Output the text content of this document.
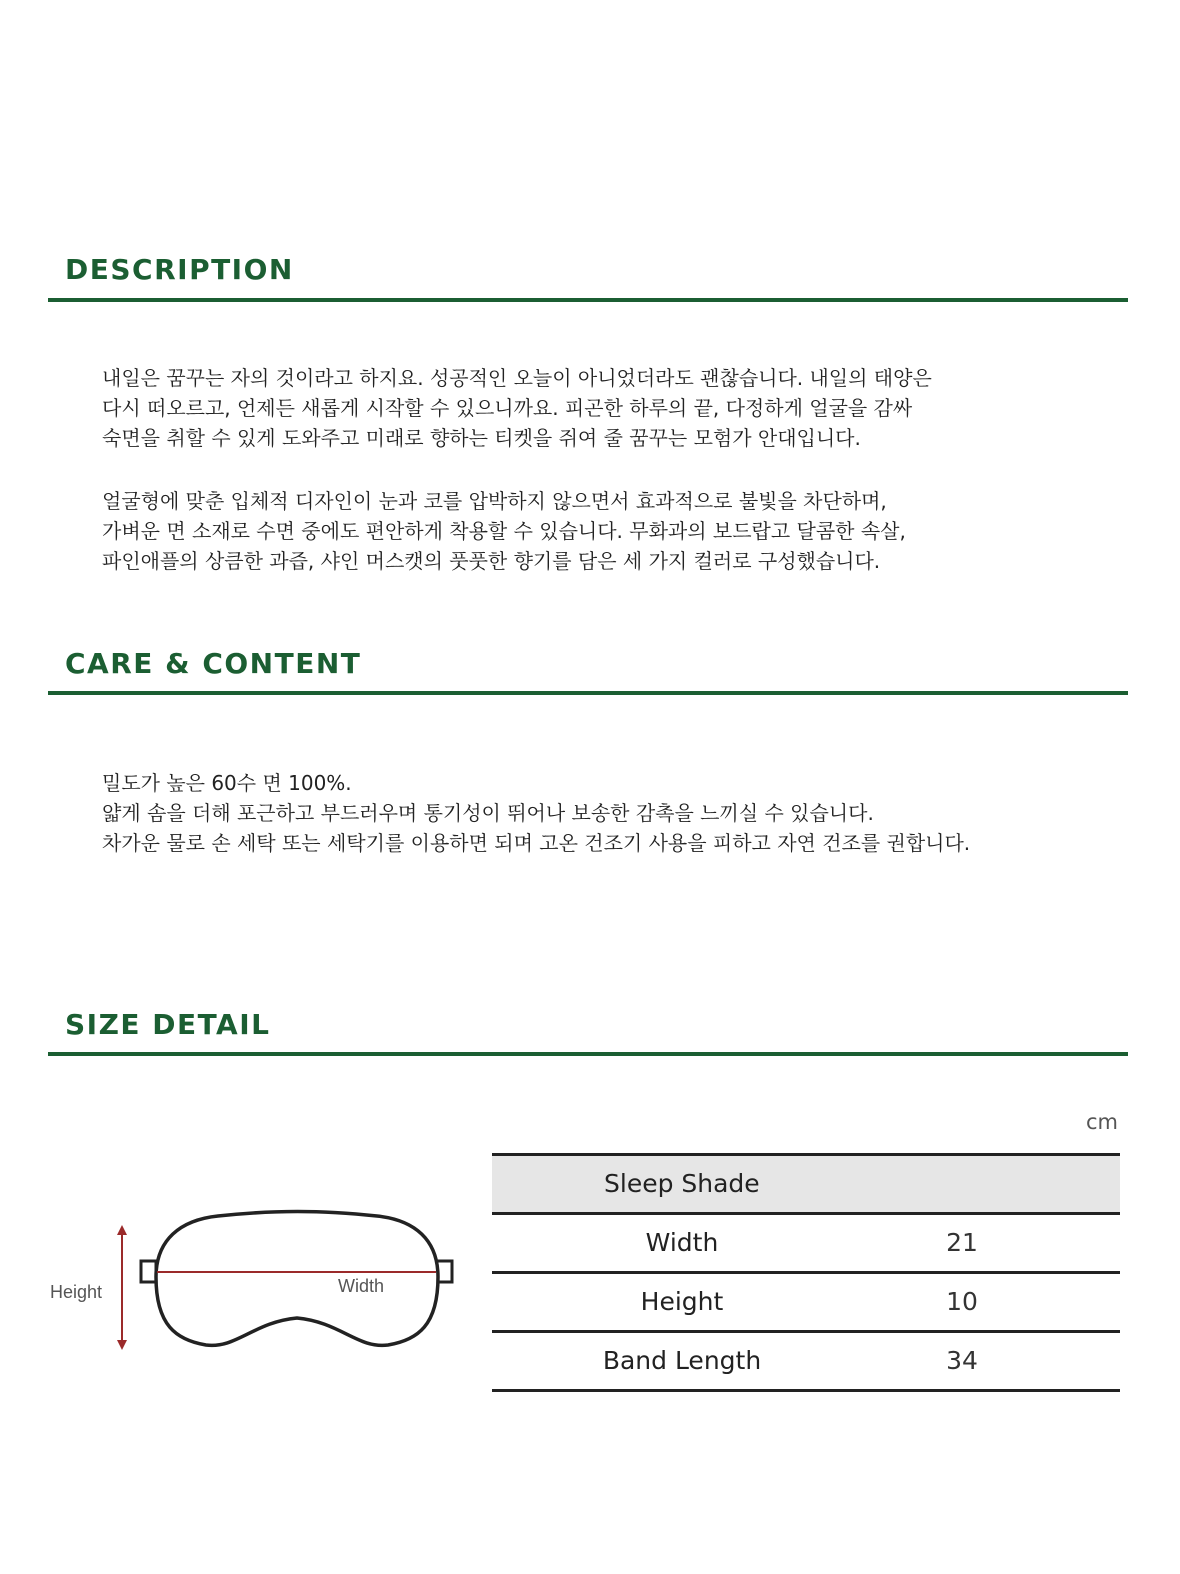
DESCRIPTION

내일은 꿈꾸는 자의 것이라고 하지요. 성공적인 오늘이 아니었더라도 괜찮습니다. 내일의 태양은
다시 떠오르고, 언제든 새롭게 시작할 수 있으니까요. 피곤한 하루의 끝, 다정하게 얼굴을 감싸
숙면을 취할 수 있게 도와주고 미래로 향하는 티켓을 쥐여 줄 꿈꾸는 모험가 안대입니다.

얼굴형에 맞춘 입체적 디자인이 눈과 코를 압박하지 않으면서 효과적으로 불빛을 차단하며,
가벼운 면 소재로 수면 중에도 편안하게 착용할 수 있습니다. 무화과의 보드랍고 달콤한 속살,
파인애플의 상큼한 과즙, 샤인 머스캣의 풋풋한 향기를 담은 세 가지 컬러로 구성했습니다.

CARE & CONTENT

밀도가 높은 60수 면 100%.
얇게 솜을 더해 포근하고 부드러우며 통기성이 뛰어나 보송한 감촉을 느끼실 수 있습니다.
차가운 물로 손 세탁 또는 세탁기를 이용하면 되며 고온 건조기 사용을 피하고 자연 건조를 권합니다.

SIZE DETAIL
Height	Width
cm
Sleep Shade
Width	21
Height	10
Band Length	34
